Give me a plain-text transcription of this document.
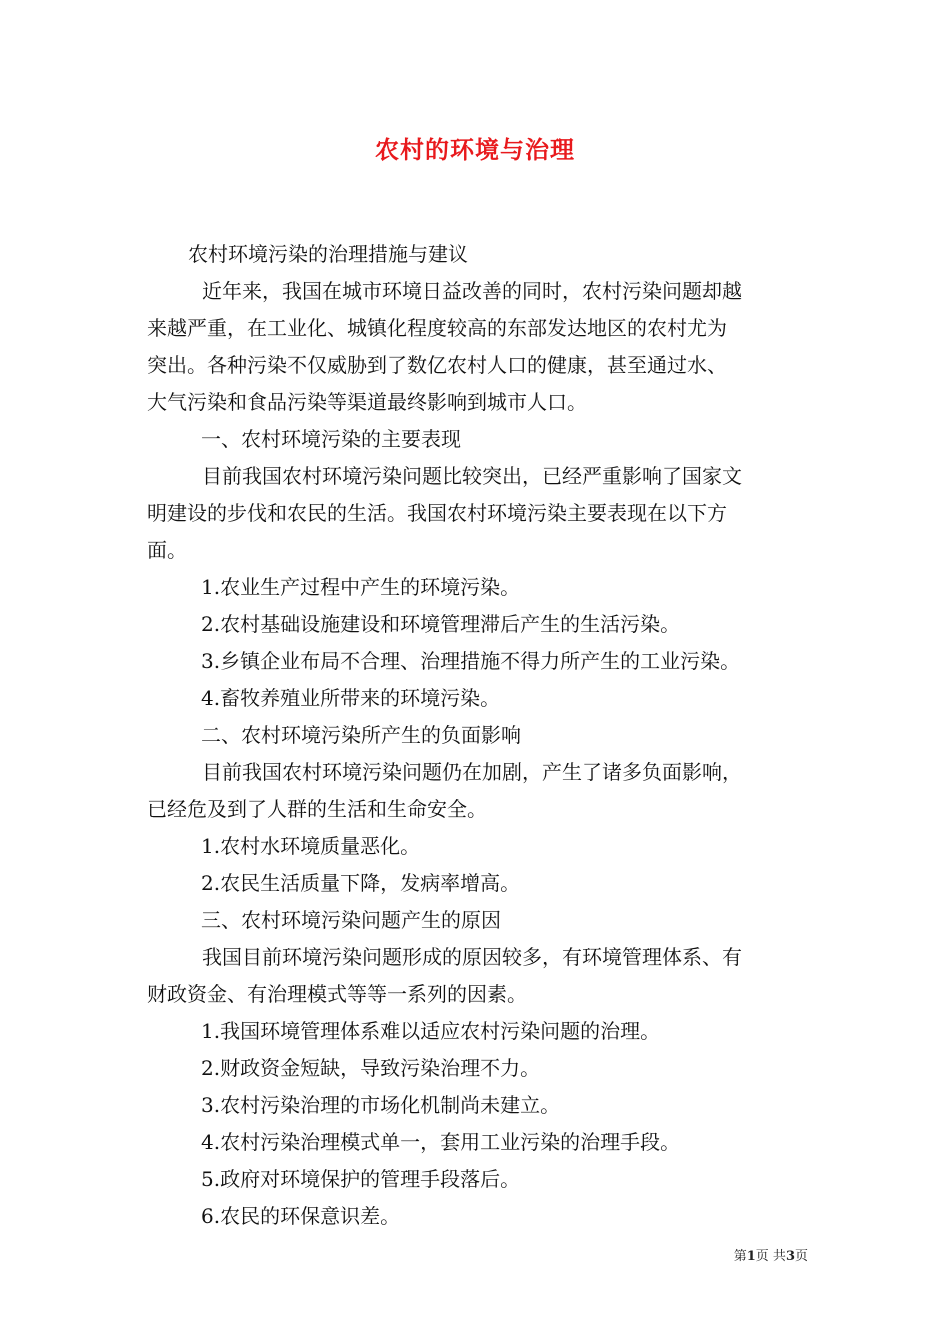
农村的环境与治理
农村环境污染的治理措施与建议
近年来，我国在城市环境日益改善的同时，农村污染问题却越
来越严重，在工业化、城镇化程度较高的东部发达地区的农村尤为
突出。各种污染不仅威胁到了数亿农村人口的健康，甚至通过水、
大气污染和食品污染等渠道最终影响到城市人口。
一、农村环境污染的主要表现
目前我国农村环境污染问题比较突出，已经严重影响了国家文
明建设的步伐和农民的生活。我国农村环境污染主要表现在以下方
面。
1.农业生产过程中产生的环境污染。
2.农村基础设施建设和环境管理滞后产生的生活污染。
3.乡镇企业布局不合理、治理措施不得力所产生的工业污染。
4.畜牧养殖业所带来的环境污染。
二、农村环境污染所产生的负面影响
目前我国农村环境污染问题仍在加剧，产生了诸多负面影响，
已经危及到了人群的生活和生命安全。
1.农村水环境质量恶化。
2.农民生活质量下降，发病率增高。
三、农村环境污染问题产生的原因
我国目前环境污染问题形成的原因较多，有环境管理体系、有
财政资金、有治理模式等等一系列的因素。
1.我国环境管理体系难以适应农村污染问题的治理。
2.财政资金短缺，导致污染治理不力。
3.农村污染治理的市场化机制尚未建立。
4.农村污染治理模式单一，套用工业污染的治理手段。
5.政府对环境保护的管理手段落后。
6.农民的环保意识差。
第1页 共3页
